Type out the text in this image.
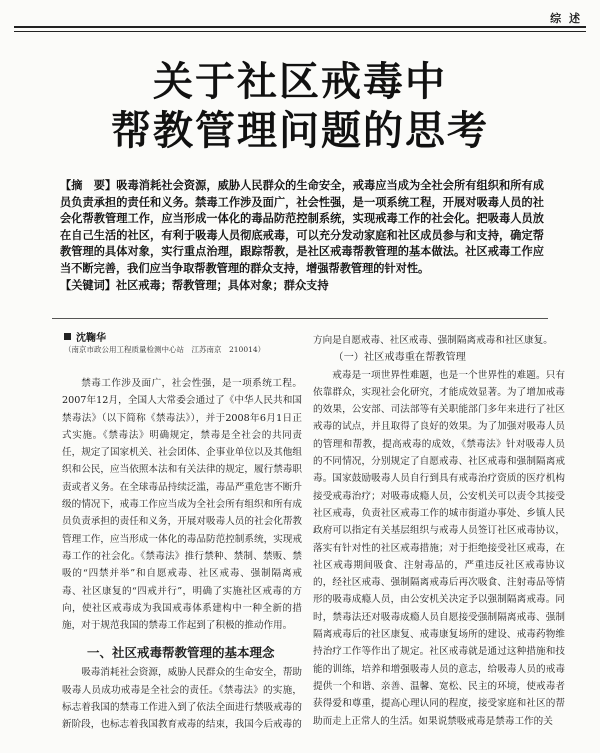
综 述
关于社区戒毒中
帮教管理问题的思考

【摘　要】吸毒消耗社会资源，威胁人民群众的生命安全，戒毒应当成为全社会所有组织和所有成员负责承担的责任和义务。禁毒工作涉及面广，社会性强，是一项系统工程，开展对吸毒人员的社会化帮教管理工作，应当形成一体化的毒品防范控制系统，实现戒毒工作的社会化。把吸毒人员放在自己生活的社区，有利于吸毒人员彻底戒毒，可以充分发动家庭和社区成员参与和支持，确定帮教管理的具体对象，实行重点治理，跟踪帮教，是社区戒毒帮教管理的基本做法。社区戒毒工作应当不断完善，我们应当争取帮教管理的群众支持，增强帮教管理的针对性。

【关键词】社区戒毒；帮教管理；具体对象；群众支持

沈鞠华
（南京市政公用工程质量检测中心站　江苏南京　210014）

禁毒工作涉及面广，社会性强，是一项系统工程。2007年12月，全国人大常委会通过了《中华人民共和国禁毒法》（以下简称《禁毒法》），并于2008年6月1日正式实施。《禁毒法》明确规定，禁毒是全社会的共同责任，规定了国家机关、社会团体、企事业单位以及其他组织和公民，应当依照本法和有关法律的规定，履行禁毒职责或者义务。在全球毒品持续泛滥，毒品严重危害不断升级的情况下，戒毒工作应当成为全社会所有组织和所有成员负责承担的责任和义务，开展对吸毒人员的社会化帮教管理工作，应当形成一体化的毒品防范控制系统，实现戒毒工作的社会化。《禁毒法》推行禁种、禁制、禁贩、禁吸的“四禁并举”和自愿戒毒、社区戒毒、强制隔离戒毒、社区康复的“四戒并行”，明确了实施社区戒毒的方向，使社区戒毒成为我国戒毒体系建构中一种全新的措施，对于规范我国的禁毒工作起到了积极的推动作用。

一、社区戒毒帮教管理的基本理念

吸毒消耗社会资源，威胁人民群众的生命安全，帮助吸毒人员成功戒毒是全社会的责任。《禁毒法》的实施，标志着我国的禁毒工作进入到了依法全面进行禁吸戒毒的新阶段，也标志着我国教育戒毒的结束，我国今后戒毒的

方向是自愿戒毒、社区戒毒、强制隔离戒毒和社区康复。

（一）社区戒毒重在帮教管理

戒毒是一项世界性难题，也是一个世界性的难题。只有依靠群众，实现社会化研究，才能成效显著。为了增加戒毒的效果，公安部、司法部等有关职能部门多年来进行了社区戒毒的试点，并且取得了良好的效果。为了加强对吸毒人员的管理和帮教，提高戒毒的成效，《禁毒法》针对吸毒人员的不同情况，分别规定了自愿戒毒、社区戒毒和强制隔离戒毒。国家鼓励吸毒人员自行到具有戒毒治疗资质的医疗机构接受戒毒治疗；对吸毒成瘾人员，公安机关可以责令其接受社区戒毒，负责社区戒毒工作的城市街道办事处、乡镇人民政府可以指定有关基层组织与戒毒人员签订社区戒毒协议，落实有针对性的社区戒毒措施；对于拒绝接受社区戒毒，在社区戒毒期间吸食、注射毒品的，严重违反社区戒毒协议的，经社区戒毒、强制隔离戒毒后再次吸食、注射毒品等情形的吸毒成瘾人员，由公安机关决定予以强制隔离戒毒。同时，禁毒法还对吸毒成瘾人员自愿接受强制隔离戒毒、强制隔离戒毒后的社区康复、戒毒康复场所的建设、戒毒药物维持治疗工作等作出了规定。社区戒毒就是通过这种措施和技能的训练，培养和增强吸毒人员的意志，给吸毒人员的戒毒提供一个和谐、亲善、温馨、宽松、民主的环境，使戒毒者获得爱和尊重，提高心理认同的程度，接受家庭和社区的帮助而走上正常人的生活。如果说禁吸戒毒是禁毒工作的关
